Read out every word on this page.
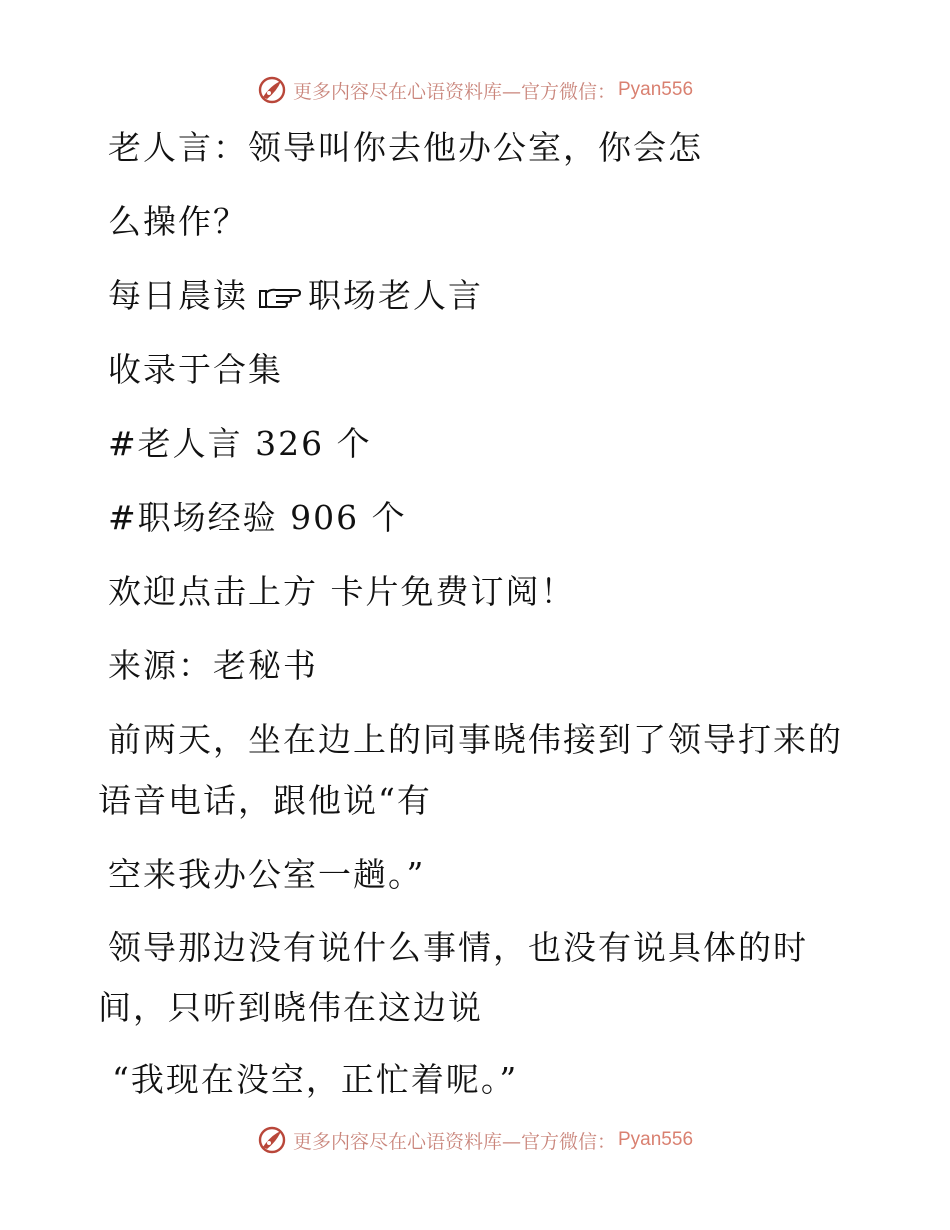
更多内容尽在心语资料库—官方微信： Pyan556
老人言：领导叫你去他办公室，你会怎
么操作？
每日晨读 职场老人言
收录于合集
#老人言 326 个
#职场经验 906 个
欢迎点击上方 卡片免费订阅！
来源：老秘书
前两天，坐在边上的同事晓伟接到了领导打来的
语音电话，跟他说“有
空来我办公室一趟。”
领导那边没有说什么事情，也没有说具体的时
间，只听到晓伟在这边说
“我现在没空，正忙着呢。”
更多内容尽在心语资料库—官方微信： Pyan556
